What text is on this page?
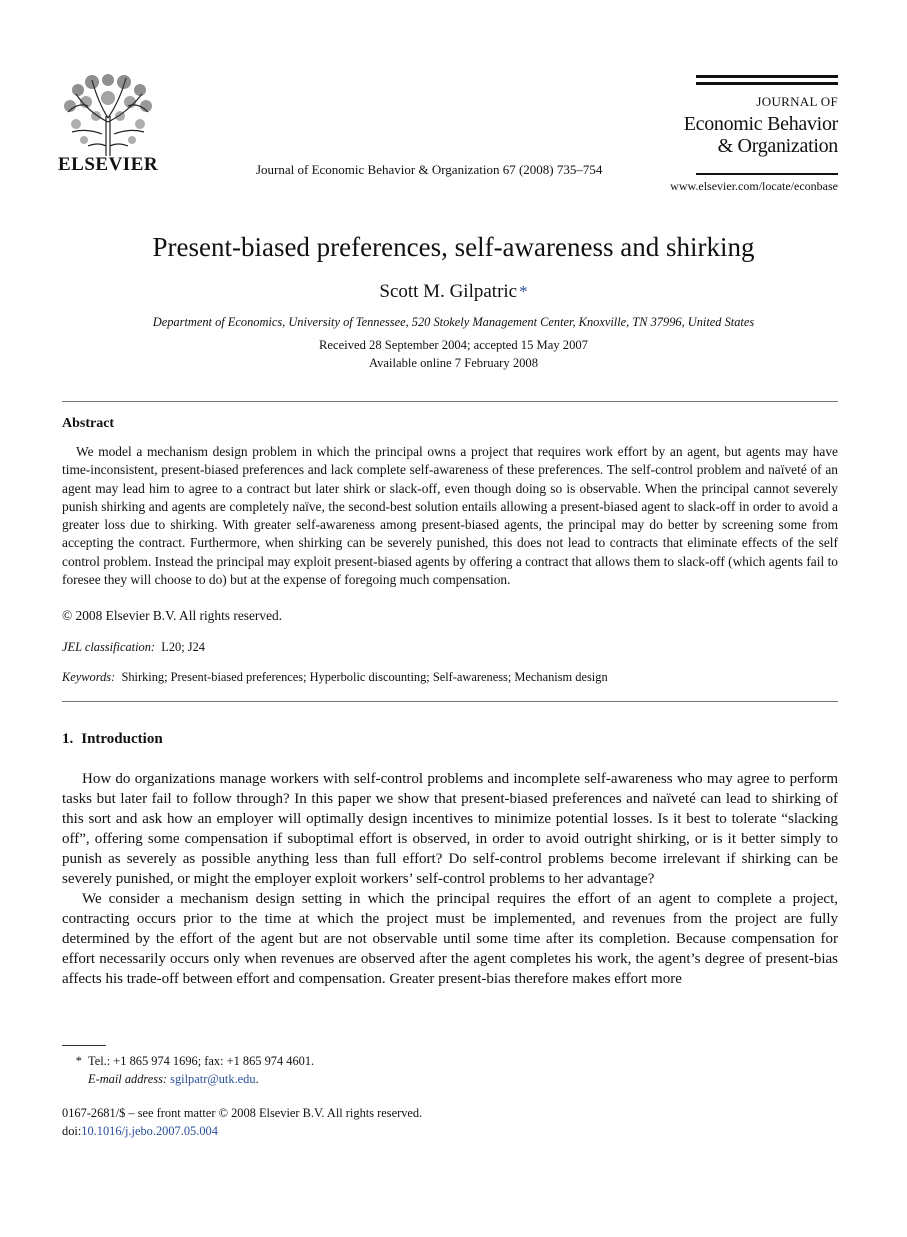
ELSEVIER	Journal of Economic Behavior & Organization 67 (2008) 735–754
JOURNAL OF
Economic Behavior
& Organization
www.elsevier.com/locate/econbase
Present-biased preferences, self-awareness and shirking
Scott M. Gilpatric *
Department of Economics, University of Tennessee, 520 Stokely Management Center, Knoxville, TN 37996, United States
Received 28 September 2004; accepted 15 May 2007
Available online 7 February 2008
Abstract
We model a mechanism design problem in which the principal owns a project that requires work effort by an agent, but agents may have time-inconsistent, present-biased preferences and lack complete self-awareness of these preferences. The self-control problem and naïveté of an agent may lead him to agree to a contract but later shirk or slack-off, even though doing so is observable. When the principal cannot severely punish shirking and agents are completely naïve, the second-best solution entails allowing a present-biased agent to slack-off in order to avoid a greater loss due to shirking. With greater self-awareness among present-biased agents, the principal may do better by screening some from accepting the contract. Furthermore, when shirking can be severely punished, this does not lead to contracts that eliminate effects of the self control problem. Instead the principal may exploit present-biased agents by offering a contract that allows them to slack-off (which agents fail to foresee they will choose to do) but at the expense of foregoing much compensation.
© 2008 Elsevier B.V. All rights reserved.
JEL classification: L20; J24
Keywords: Shirking; Present-biased preferences; Hyperbolic discounting; Self-awareness; Mechanism design
1. Introduction

How do organizations manage workers with self-control problems and incomplete self-awareness who may agree to perform tasks but later fail to follow through? In this paper we show that present-biased preferences and naïveté can lead to shirking of this sort and ask how an employer will optimally design incentives to minimize potential losses. Is it best to tolerate “slacking off”, offering some compensation if suboptimal effort is observed, in order to avoid outright shirking, or is it better simply to punish as severely as possible anything less than full effort? Do self-control problems become irrelevant if shirking can be severely punished, or might the employer exploit workers’ self-control problems to her advantage?

We consider a mechanism design setting in which the principal requires the effort of an agent to complete a project, contracting occurs prior to the time at which the project must be implemented, and revenues from the project are fully determined by the effort of the agent but are not observable until some time after its completion. Because compensation for effort necessarily occurs only when revenues are observed after the agent completes his work, the agent’s degree of present-bias affects his trade-off between effort and compensation. Greater present-bias therefore makes effort more

* Tel.: +1 865 974 1696; fax: +1 865 974 4601.
E-mail address: sgilpatr@utk.edu.
0167-2681/$ – see front matter © 2008 Elsevier B.V. All rights reserved.
doi:10.1016/j.jebo.2007.05.004
